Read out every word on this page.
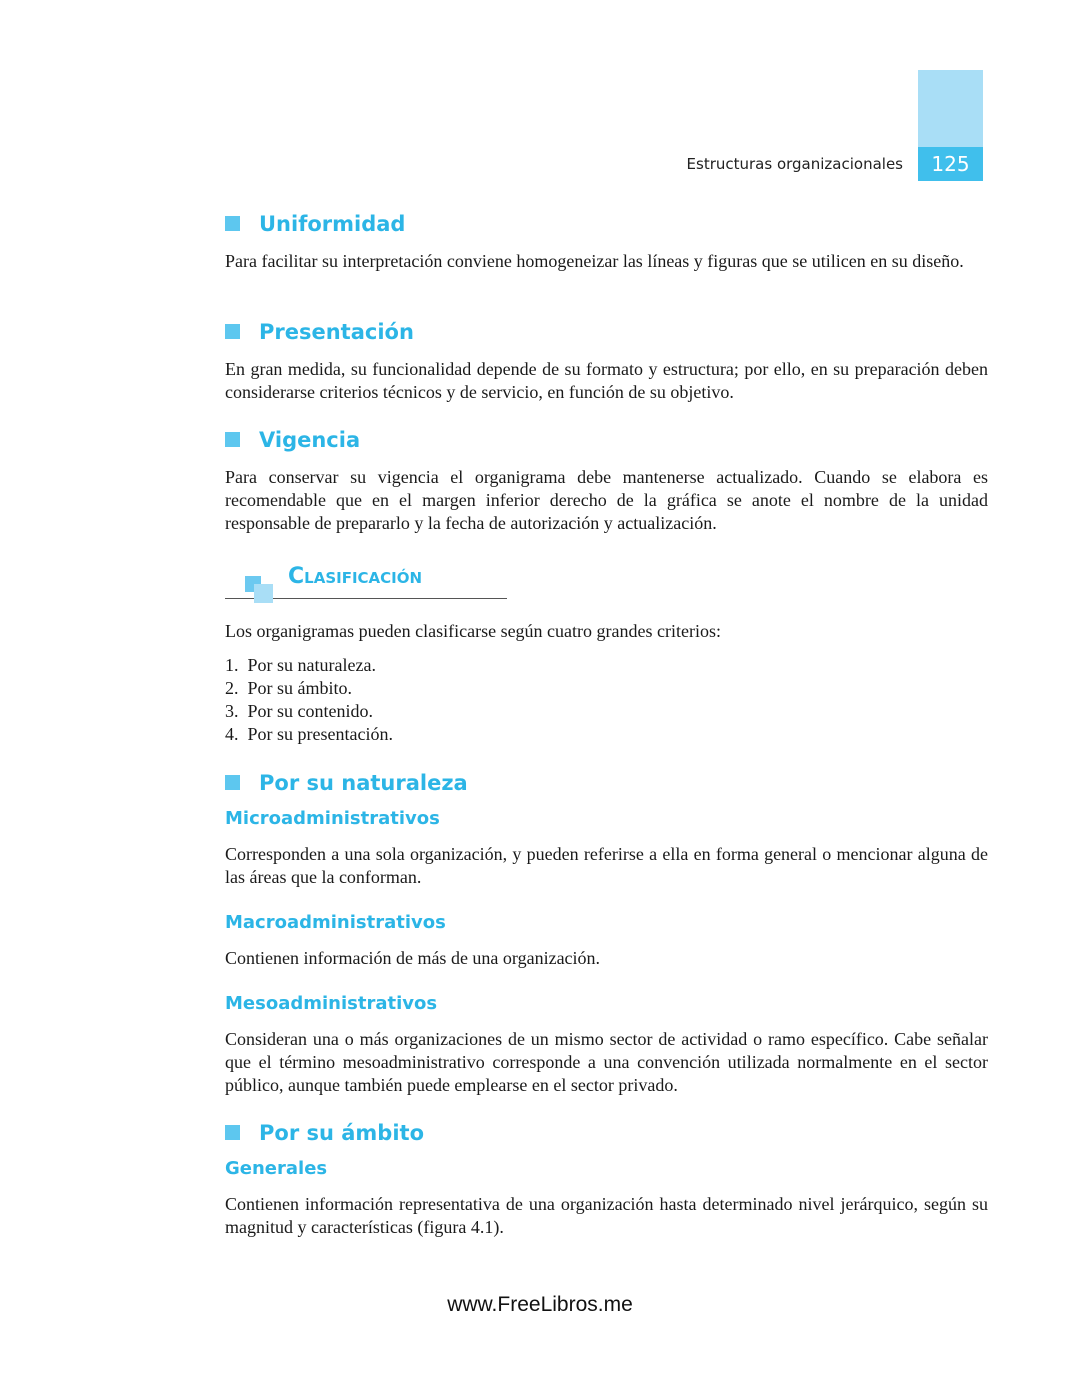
125
Estructuras organizacionales
Uniformidad
Para facilitar su interpretación conviene homogeneizar las líneas y figuras que se utilicen en su diseño.
Presentación
En gran medida, su funcionalidad depende de su formato y estructura; por ello, en su preparación deben considerarse criterios técnicos y de servicio, en función de su objetivo.
Vigencia
Para conservar su vigencia el organigrama debe mantenerse actualizado. Cuando se elabora es recomendable que en el margen inferior derecho de la gráfica se anote el nombre de la unidad responsable de prepararlo y la fecha de autorización y actualización.
Clasificación
Los organigramas pueden clasificarse según cuatro grandes criterios:
1.  Por su naturaleza.
2.  Por su ámbito.
3.  Por su contenido.
4.  Por su presentación.
Por su naturaleza
Microadministrativos
Corresponden a una sola organización, y pueden referirse a ella en forma general o mencionar alguna de las áreas que la conforman.
Macroadministrativos
Contienen información de más de una organización.
Mesoadministrativos
Consideran una o más organizaciones de un mismo sector de actividad o ramo específico. Cabe señalar que el término mesoadministrativo corresponde a una convención utilizada normalmente en el sector público, aunque también puede emplearse en el sector privado.
Por su ámbito
Generales
Contienen información representativa de una organización hasta determinado nivel jerárquico, según su magnitud y características (figura 4.1).
www.FreeLibros.me
